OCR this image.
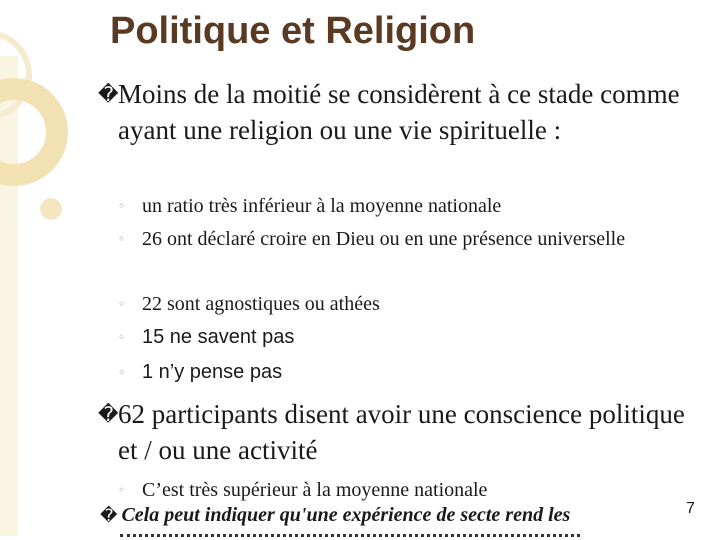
Politique et Religion
� Moins de la moitié se considèrent à ce stade comme ayant une religion ou une vie spirituelle :
◦ un ratio très inférieur à la moyenne nationale
◦ 26 ont déclaré croire en Dieu ou en une présence universelle
◦ 22 sont agnostiques ou athées
◦ 15 ne savent pas
◦ 1 n’y pense pas
� 62 participants disent avoir une conscience politique et / ou une activité
◦ C’est très supérieur à la moyenne nationale
� Cela peut indiquer qu'une expérience de secte rend les	7
